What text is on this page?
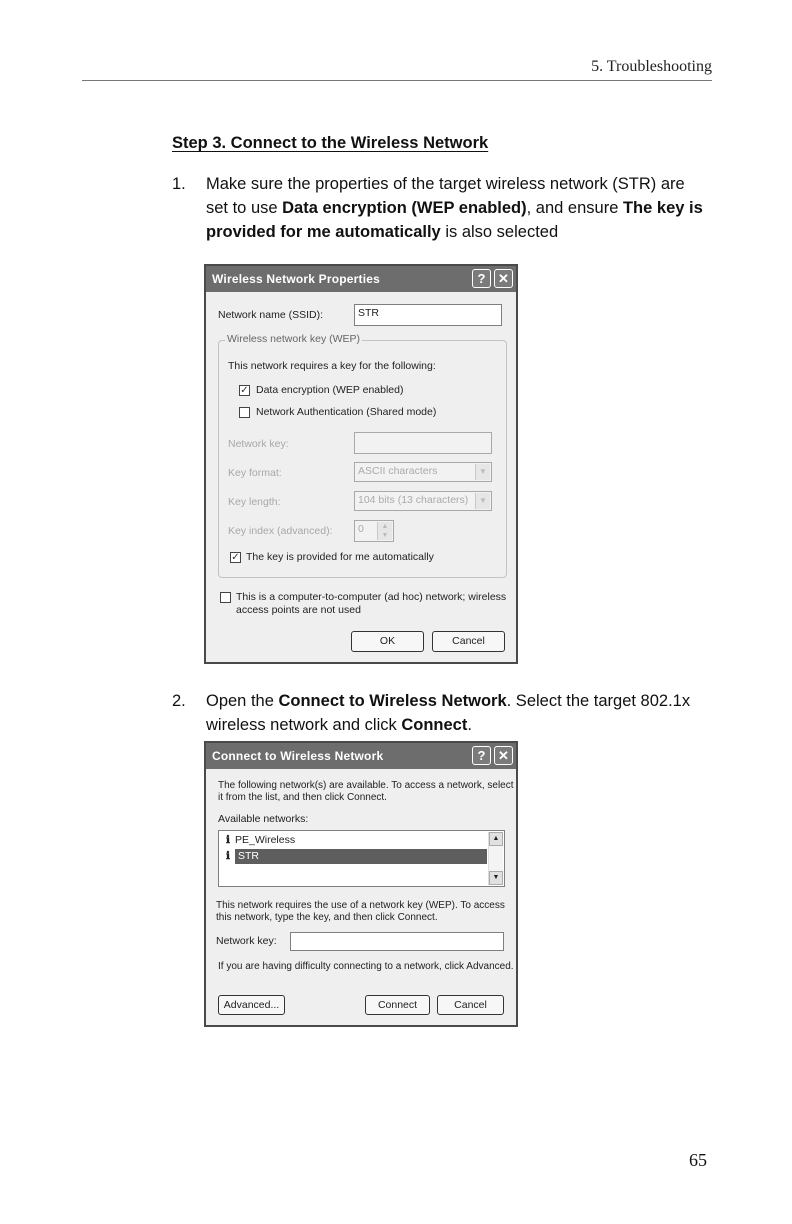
5. Troubleshooting
Step 3. Connect to the Wireless Network
1. Make sure the properties of the target wireless network (STR) are set to use Data encryption (WEP enabled), and ensure The key is provided for me automatically is also selected
Wireless Network Properties	? ✕
Network name (SSID):	STR
Wireless network key (WEP)
This network requires a key for the following:
✓ Data encryption (WEP enabled)
Network Authentication (Shared mode)
Network key:
Key format:	ASCII characters	▼
Key length:	104 bits (13 characters)	▼
Key index (advanced):	0	▲
▼
✓ The key is provided for me automatically
This is a computer-to-computer (ad hoc) network; wireless
access points are not used
OK	Cancel
2. Open the Connect to Wireless Network. Select the target 802.1x wireless network and click Connect.
Connect to Wireless Network	? ✕
The following network(s) are available. To access a network, select
it from the list, and then click Connect.
Available networks:
ℹ PE_Wireless
ℹ STR
▲
▼
This network requires the use of a network key (WEP). To access
this network, type the key, and then click Connect.
Network key:
If you are having difficulty connecting to a network, click Advanced.
Advanced...	Connect	Cancel
65
